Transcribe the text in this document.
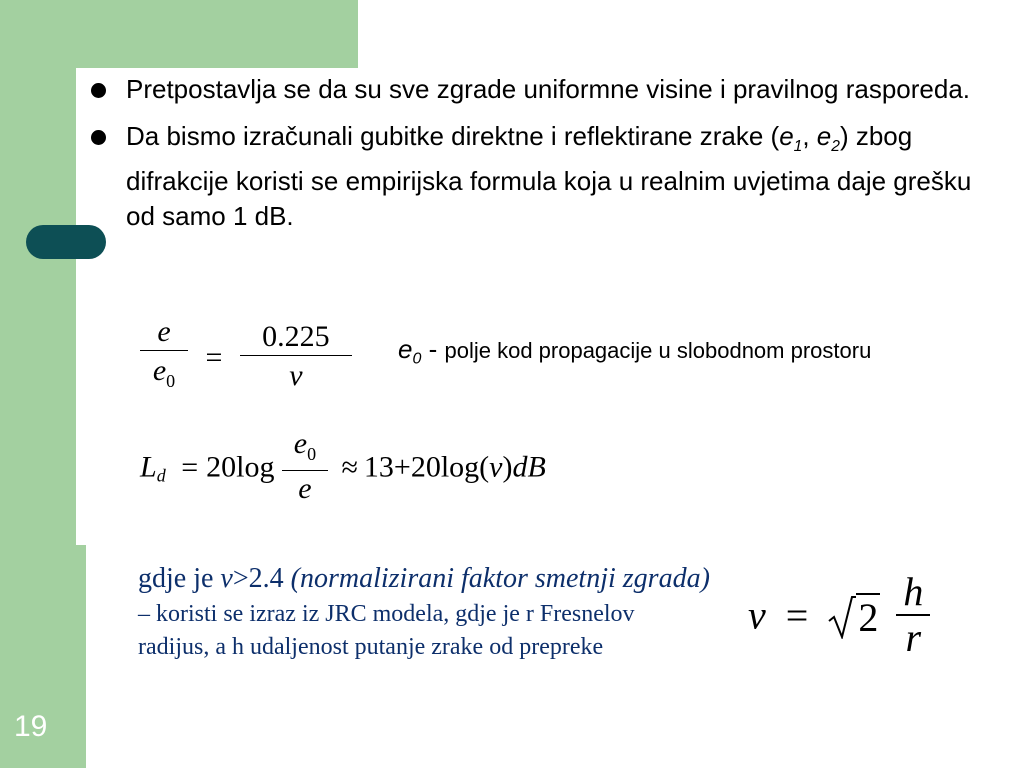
Pretpostavlja se da su sve zgrade uniformne visine i pravilnog rasporeda.
Da bismo izračunali gubitke direktne i reflektirane zrake ($e_1$, $e_2$) zbog difrakcije koristi se empirijska formula koja u realnim uvjetima daje grešku od samo 1 dB.
$\frac{e}{e_0} = \frac{0.225}{\nu} e_0$ - polje kod propagacije u slobodnom prostoru
$L_d = 20\log \frac{e_0}{e} \approx 13+20\log(\nu)dB$
gdje je v>2.4 (normalizirani faktor smetnji zgrada) – koristi se izraz iz JRC modela, gdje je r Fresnelov radijus, a h udaljenost putanje zrake od prepreke
$\nu = 2 \frac{h}{r}$
19
